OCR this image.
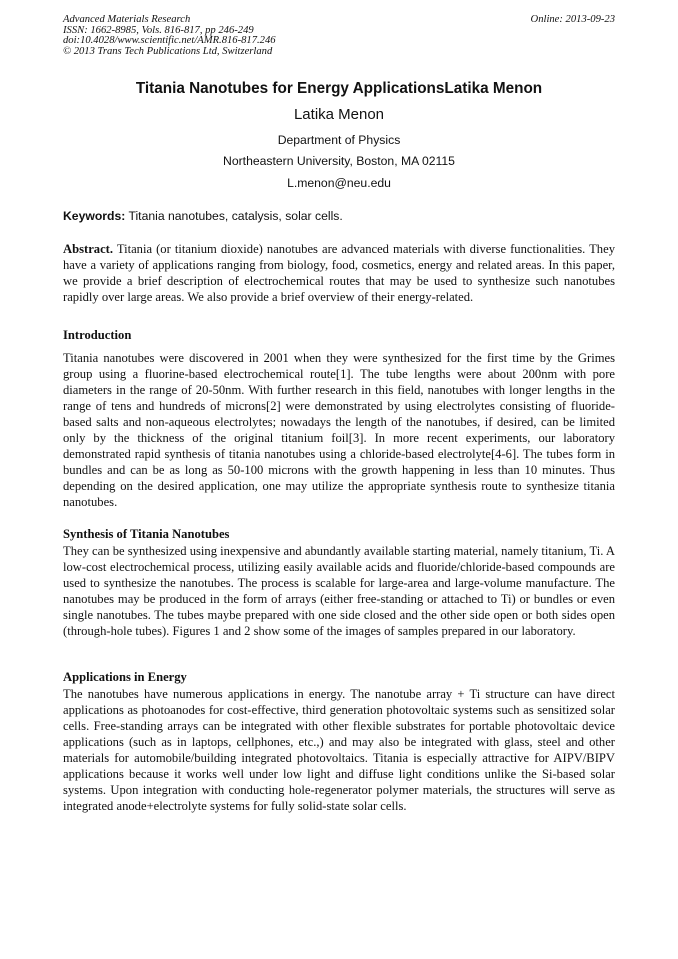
Advanced Materials Research
ISSN: 1662-8985, Vols. 816-817, pp 246-249
doi:10.4028/www.scientific.net/AMR.816-817.246
© 2013 Trans Tech Publications Ltd, Switzerland
Online: 2013-09-23
Titania Nanotubes for Energy ApplicationsLatika Menon
Latika Menon
Department of Physics
Northeastern University, Boston, MA 02115
L.menon@neu.edu
Keywords: Titania nanotubes, catalysis, solar cells.

Abstract. Titania (or titanium dioxide) nanotubes are advanced materials with diverse functionalities. They have a variety of applications ranging from biology, food, cosmetics, energy and related areas. In this paper, we provide a brief description of electrochemical routes that may be used to synthesize such nanotubes rapidly over large areas. We also provide a brief overview of their energy-related.

Introduction

Titania nanotubes were discovered in 2001 when they were synthesized for the first time by the Grimes group using a fluorine-based electrochemical route[1]. The tube lengths were about 200nm with pore diameters in the range of 20-50nm. With further research in this field, nanotubes with longer lengths in the range of tens and hundreds of microns[2] were demonstrated by using electrolytes consisting of fluoride-based salts and non-aqueous electrolytes; nowadays the length of the nanotubes, if desired, can be limited only by the thickness of the original titanium foil[3]. In more recent experiments, our laboratory demonstrated rapid synthesis of titania nanotubes using a chloride-based electrolyte[4-6]. The tubes form in bundles and can be as long as 50-100 microns with the growth happening in less than 10 minutes. Thus depending on the desired application, one may utilize the appropriate synthesis route to synthesize titania nanotubes.

Synthesis of Titania Nanotubes

They can be synthesized using inexpensive and abundantly available starting material, namely titanium, Ti. A low-cost electrochemical process, utilizing easily available acids and fluoride/chloride-based compounds are used to synthesize the nanotubes. The process is scalable for large-area and large-volume manufacture. The nanotubes may be produced in the form of arrays (either free-standing or attached to Ti) or bundles or even single nanotubes. The tubes maybe prepared with one side closed and the other side open or both sides open (through-hole tubes). Figures 1 and 2 show some of the images of samples prepared in our laboratory.

Applications in Energy

The nanotubes have numerous applications in energy. The nanotube array + Ti structure can have direct applications as photoanodes for cost-effective, third generation photovoltaic systems such as sensitized solar cells. Free-standing arrays can be integrated with other flexible substrates for portable photovoltaic device applications (such as in laptops, cellphones, etc.,) and may also be integrated with glass, steel and other materials for automobile/building integrated photovoltaics. Titania is especially attractive for AIPV/BIPV applications because it works well under low light and diffuse light conditions unlike the Si-based solar systems. Upon integration with conducting hole-regenerator polymer materials, the structures will serve as integrated anode+electrolyte systems for fully solid-state solar cells.
